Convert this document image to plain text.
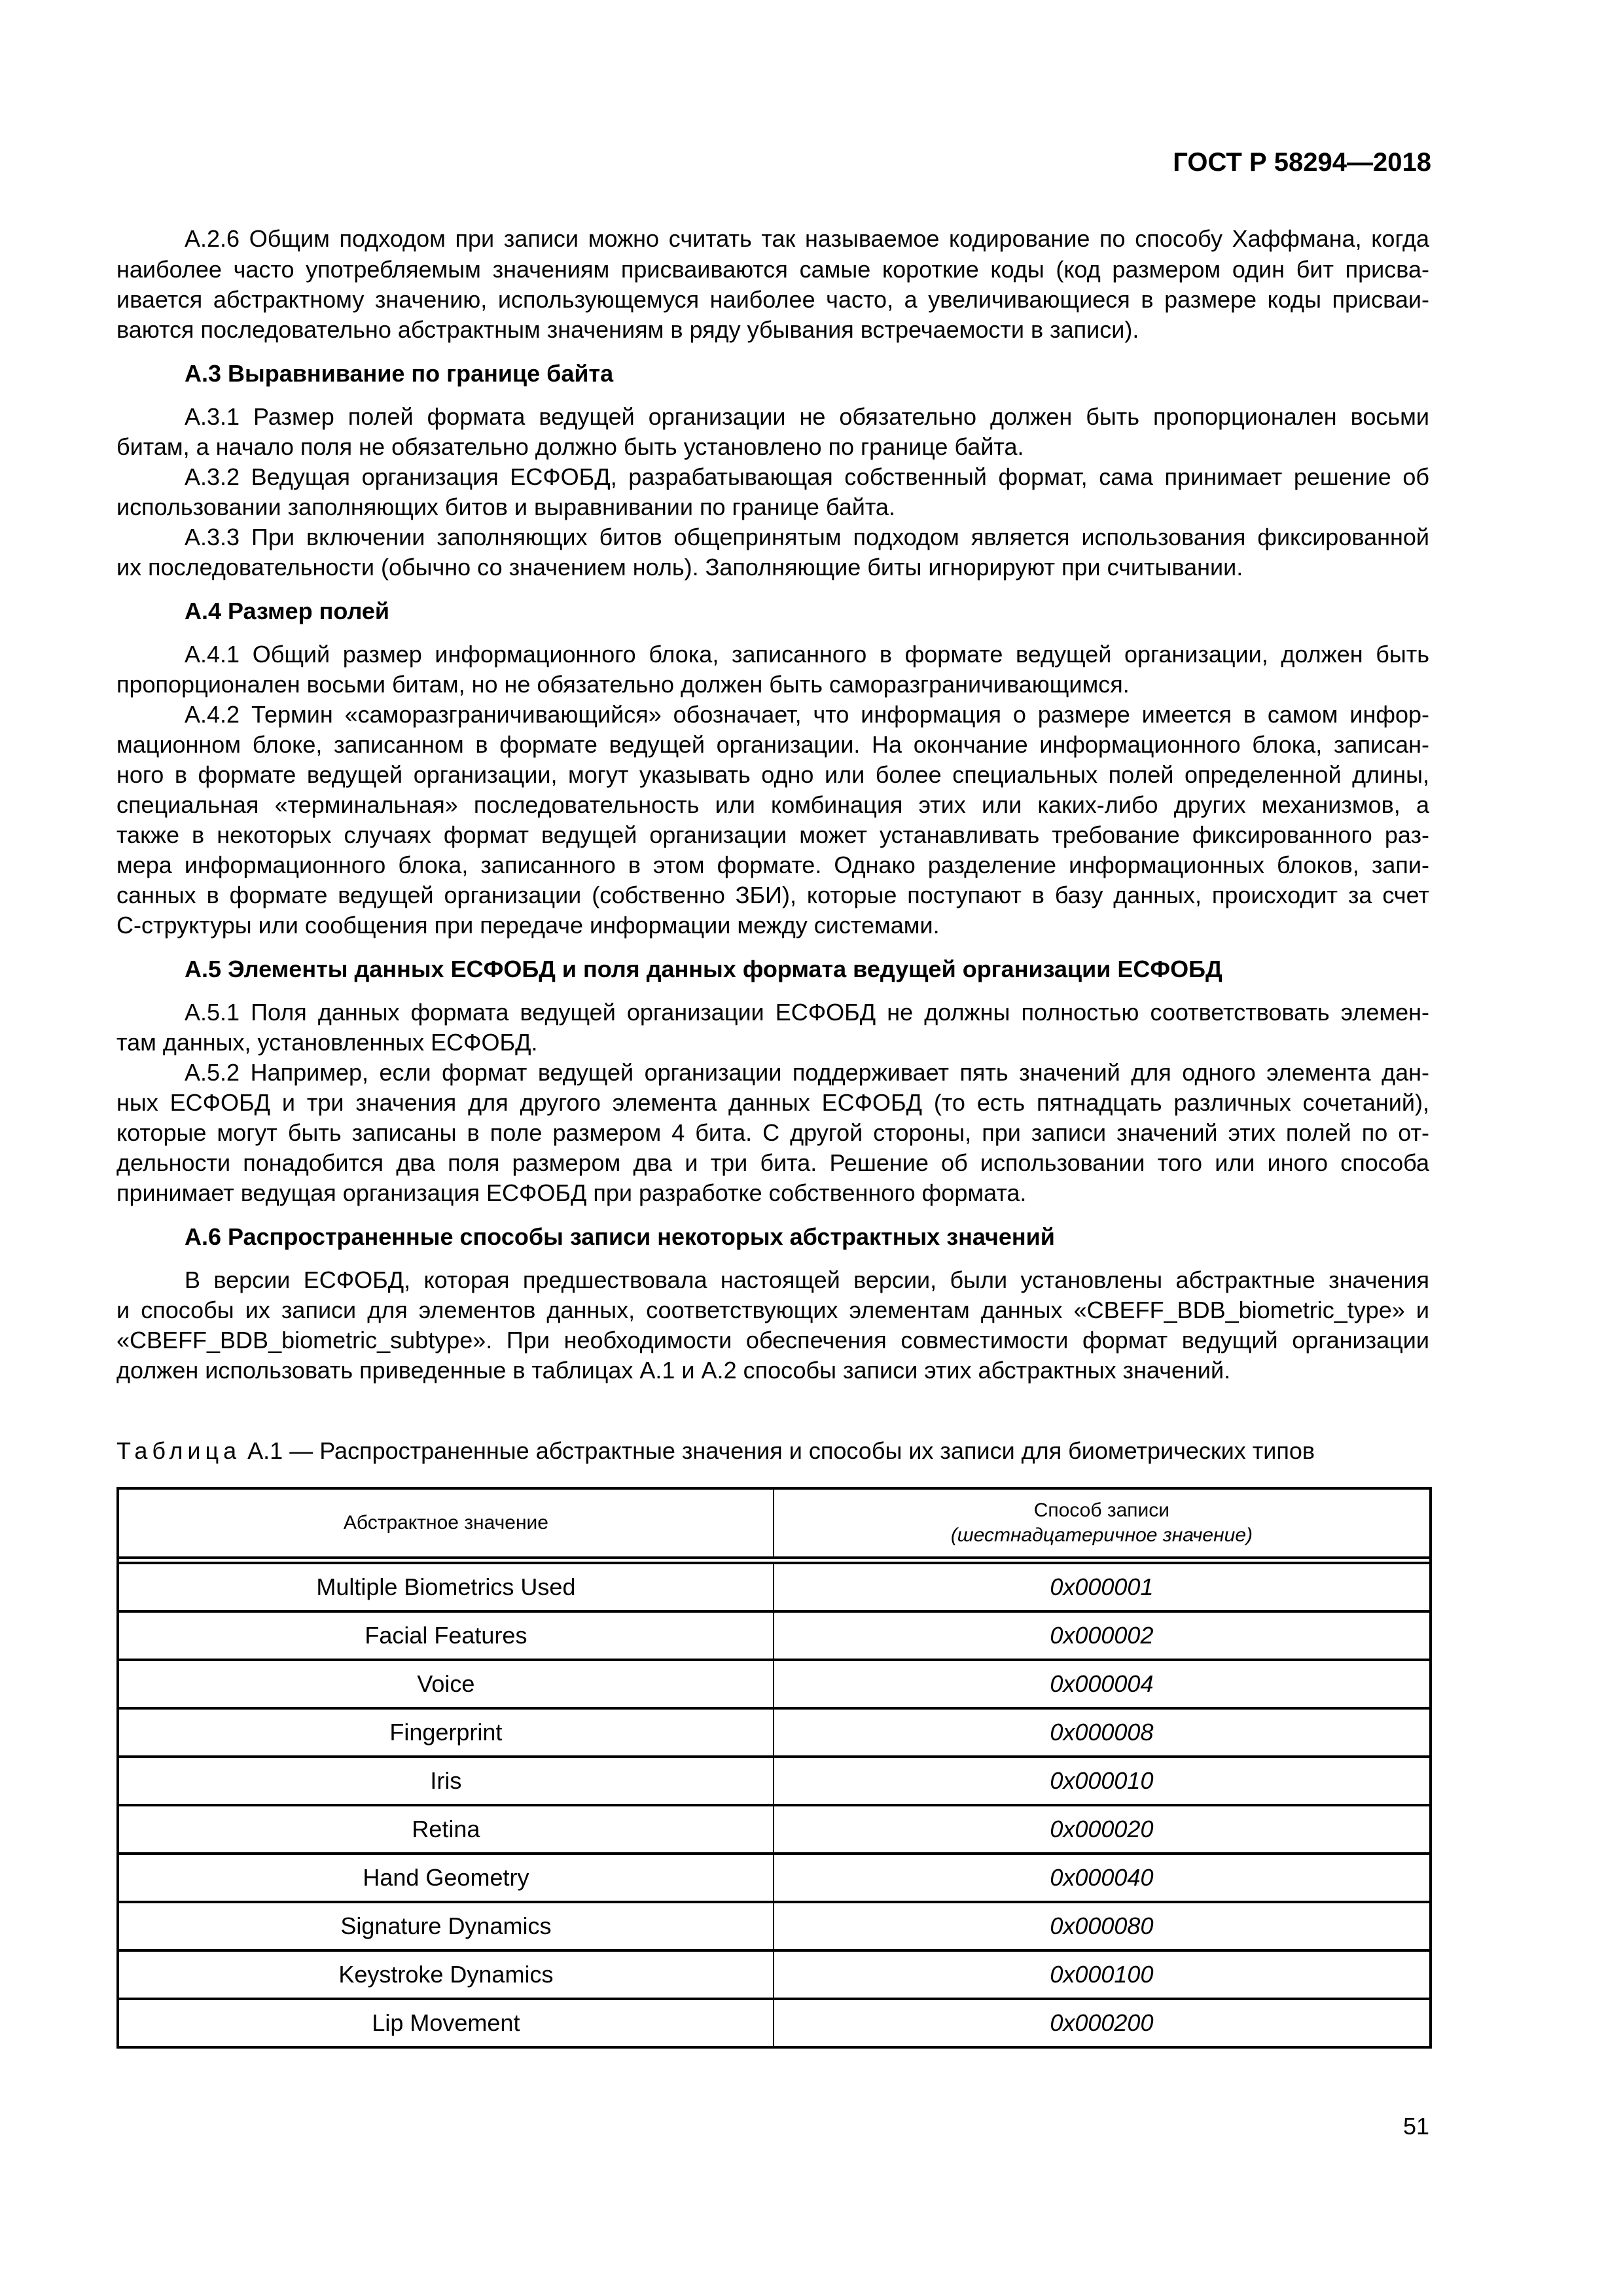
ГОСТ Р 58294—2018
А.2.6 Общим подходом при записи можно считать так называемое кодирование по способу Хаффмана, когда
наиболее часто употребляемым значениям присваиваются самые короткие коды (код размером один бит присва-
ивается абстрактному значению, использующемуся наиболее часто, а увеличивающиеся в размере коды присваи-
ваются последовательно абстрактным значениям в ряду убывания встречаемости в записи).
А.3 Выравнивание по границе байта
А.3.1 Размер полей формата ведущей организации не обязательно должен быть пропорционален восьми
битам, а начало поля не обязательно должно быть установлено по границе байта.
А.3.2 Ведущая организация ЕСФОБД, разрабатывающая собственный формат, сама принимает решение об
использовании заполняющих битов и выравнивании по границе байта.
А.3.3 При включении заполняющих битов общепринятым подходом является использования фиксированной
их последовательности (обычно со значением ноль). Заполняющие биты игнорируют при считывании.
А.4 Размер полей
А.4.1 Общий размер информационного блока, записанного в формате ведущей организации, должен быть
пропорционален восьми битам, но не обязательно должен быть саморазграничивающимся.
А.4.2 Термин «саморазграничивающийся» обозначает, что информация о размере имеется в самом инфор-
мационном блоке, записанном в формате ведущей организации. На окончание информационного блока, записан-
ного в формате ведущей организации, могут указывать одно или более специальных полей определенной длины,
специальная «терминальная» последовательность или комбинация этих или каких-либо других механизмов, а
также в некоторых случаях формат ведущей организации может устанавливать требование фиксированного раз-
мера информационного блока, записанного в этом формате. Однако разделение информационных блоков, запи-
санных в формате ведущей организации (собственно ЗБИ), которые поступают в базу данных, происходит за счет
С-структуры или сообщения при передаче информации между системами.
А.5 Элементы данных ЕСФОБД и поля данных формата ведущей организации ЕСФОБД
А.5.1 Поля данных формата ведущей организации ЕСФОБД не должны полностью соответствовать элемен-
там данных, установленных ЕСФОБД.
А.5.2 Например, если формат ведущей организации поддерживает пять значений для одного элемента дан-
ных ЕСФОБД и три значения для другого элемента данных ЕСФОБД (то есть пятнадцать различных сочетаний),
которые могут быть записаны в поле размером 4 бита. С другой стороны, при записи значений этих полей по от-
дельности понадобится два поля размером два и три бита. Решение об использовании того или иного способа
принимает ведущая организация ЕСФОБД при разработке собственного формата.
А.6 Распространенные способы записи некоторых абстрактных значений
В версии ЕСФОБД, которая предшествовала настоящей версии, были установлены абстрактные значения
и способы их записи для элементов данных, соответствующих элементам данных «CBEFF_BDB_biometric_type» и
«CBEFF_BDB_biometric_subtype». При необходимости обеспечения совместимости формат ведущий организации
должен использовать приведенные в таблицах А.1 и А.2 способы записи этих абстрактных значений.
Таблица А.1 — Распространенные абстрактные значения и способы их записи для биометрических типов
Абстрактное значение	Способ записи
(шестнадцатеричное значение)

Multiple Biometrics Used	0x000001
Facial Features	0x000002
Voice	0x000004
Fingerprint	0x000008
Iris	0x000010
Retina	0x000020
Hand Geometry	0x000040
Signature Dynamics	0x000080
Keystroke Dynamics	0x000100
Lip Movement	0x000200
51
